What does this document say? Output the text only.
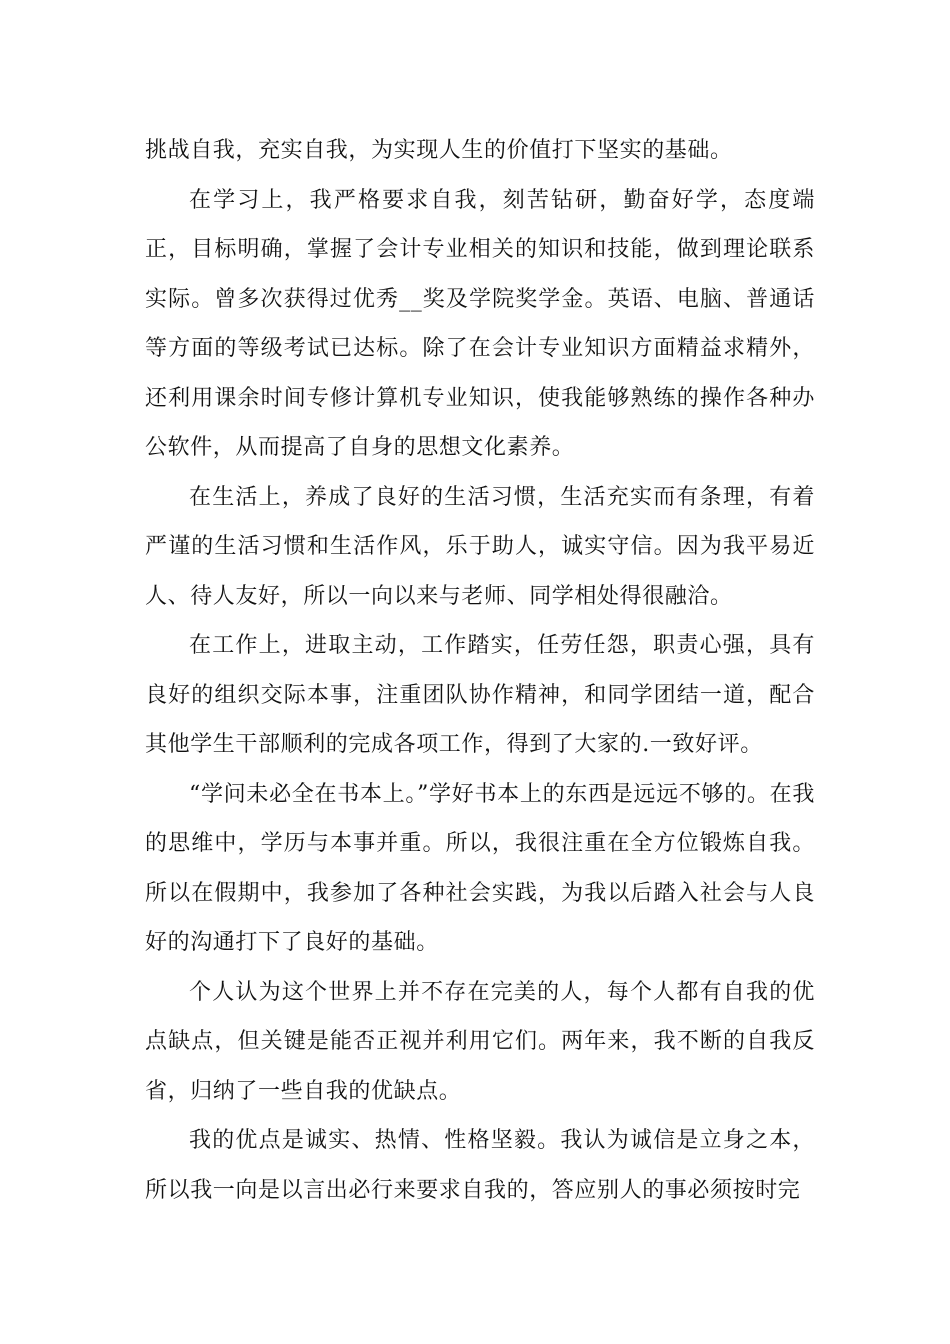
挑战自我，充实自我，为实现人生的价值打下坚实的基础。

在学习上，我严格要求自我，刻苦钻研，勤奋好学，态度端正，目标明确，掌握了会计专业相关的知识和技能，做到理论联系实际。曾多次获得过优秀__奖及学院奖学金。英语、电脑、普通话等方面的等级考试已达标。除了在会计专业知识方面精益求精外，还利用课余时间专修计算机专业知识，使我能够熟练的操作各种办公软件，从而提高了自身的思想文化素养。

在生活上，养成了良好的生活习惯，生活充实而有条理，有着严谨的生活习惯和生活作风，乐于助人，诚实守信。因为我平易近人、待人友好，所以一向以来与老师、同学相处得很融洽。

在工作上，进取主动，工作踏实，任劳任怨，职责心强，具有良好的组织交际本事，注重团队协作精神，和同学团结一道，配合其他学生干部顺利的完成各项工作，得到了大家的.一致好评。

“学问未必全在书本上。”学好书本上的东西是远远不够的。在我的思维中，学历与本事并重。所以，我很注重在全方位锻炼自我。所以在假期中，我参加了各种社会实践，为我以后踏入社会与人良好的沟通打下了良好的基础。

个人认为这个世界上并不存在完美的人，每个人都有自我的优点缺点，但关键是能否正视并利用它们。两年来，我不断的自我反省，归纳了一些自我的优缺点。

我的优点是诚实、热情、性格坚毅。我认为诚信是立身之本，所以我一向是以言出必行来要求自我的，答应别人的事必须按时完
